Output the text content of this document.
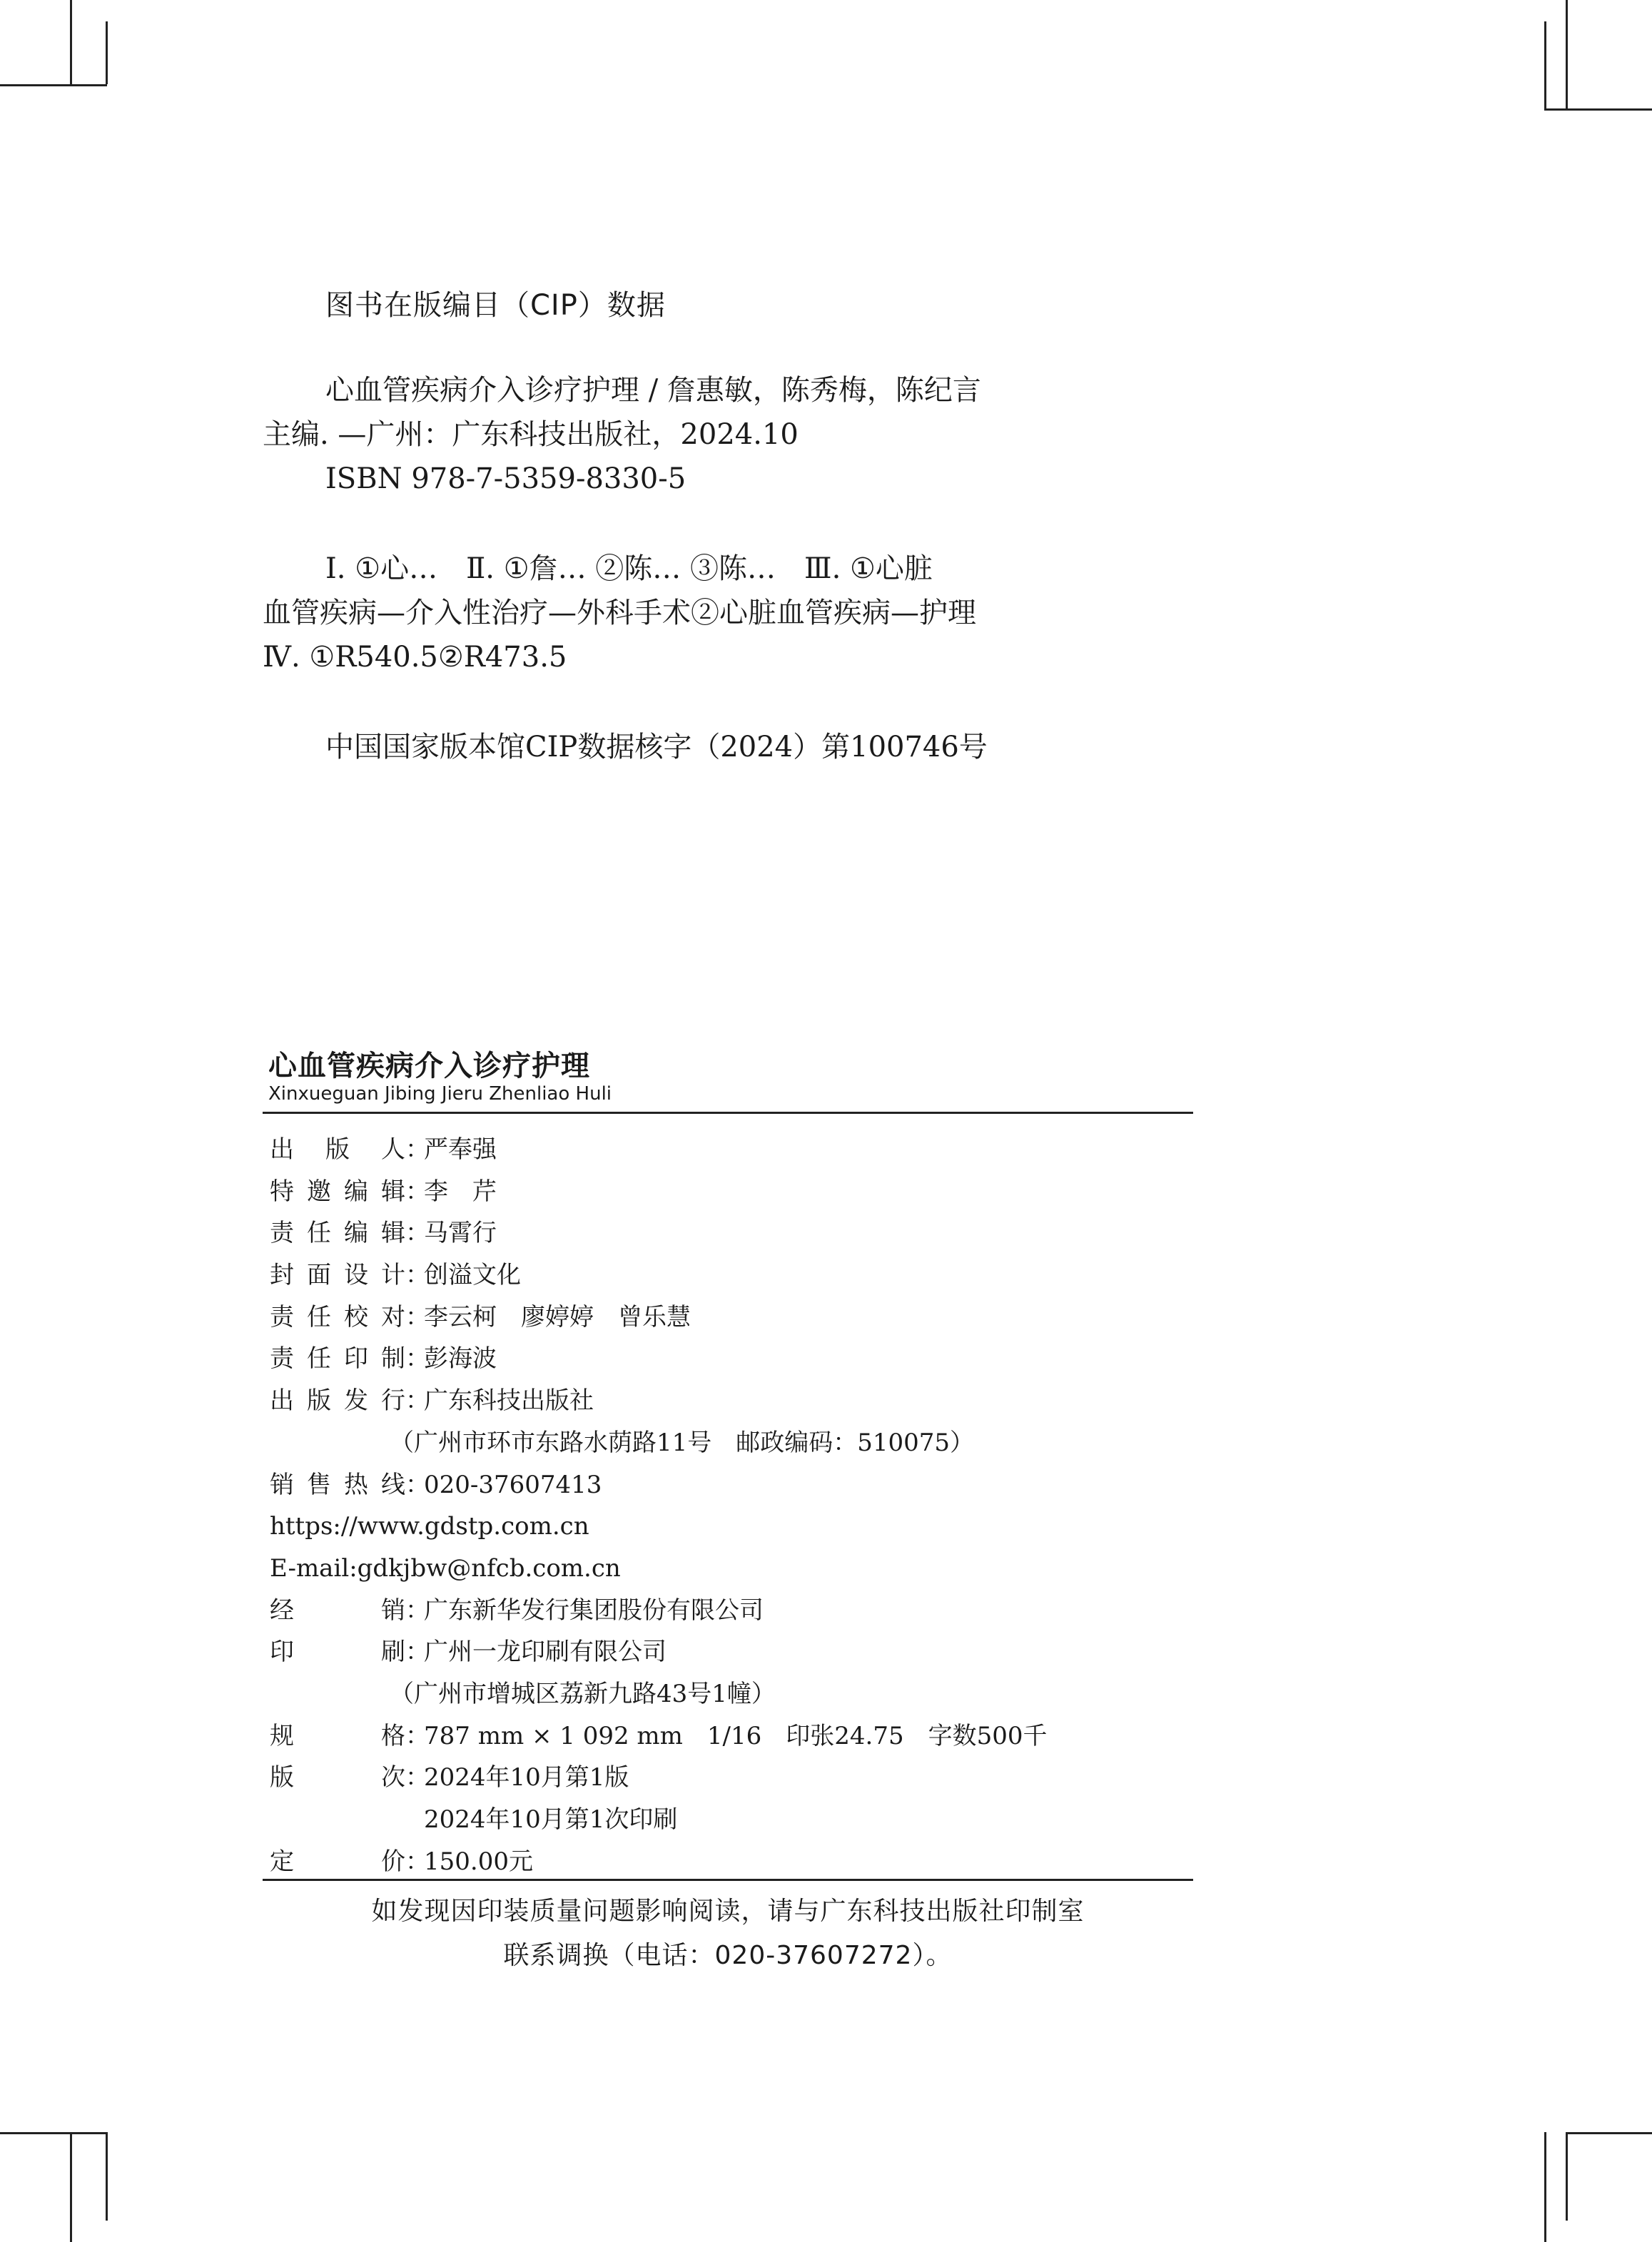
图书在版编目（CIP）数据

心血管疾病介入诊疗护理 / 詹惠敏，陈秀梅，陈纪言
主编. —广州：广东科技出版社，2024.10
ISBN 978-7-5359-8330-5

Ⅰ. ①心…　Ⅱ. ①詹… ②陈… ③陈…　Ⅲ. ①心脏
血管疾病—介入性治疗—外科手术②心脏血管疾病—护理
Ⅳ. ①R540.5②R473.5

中国国家版本馆CIP数据核字（2024）第100746号

心血管疾病介入诊疗护理
Xinxueguan Jibing Jieru Zhenliao Huli
出版人 ：
严奉强
特邀编辑 ：
李　芹
责任编辑 ：
马霄行
封面设计 ：
创溢文化
责任校对 ：
李云柯　廖婷婷　曾乐慧
责任印制 ：
彭海波
出版发行 ：
广东科技出版社
（广州市环市东路水荫路11号　邮政编码：510075）
销售热线 ：
020-37607413
https://www.gdstp.com.cn
E-mail:gdkjbw@nfcb.com.cn
经销 ：
广东新华发行集团股份有限公司
印刷 ：
广州一龙印刷有限公司
（广州市增城区荔新九路43号1幢）
规格 ：
787 mm × 1 092 mm　1/16　印张24.75　字数500千
版次 ：
2024年10月第1版
2024年10月第1次印刷
定价 ：
150.00元
如发现因印装质量问题影响阅读，请与广东科技出版社印制室
联系调换（电话：020-37607272）。
